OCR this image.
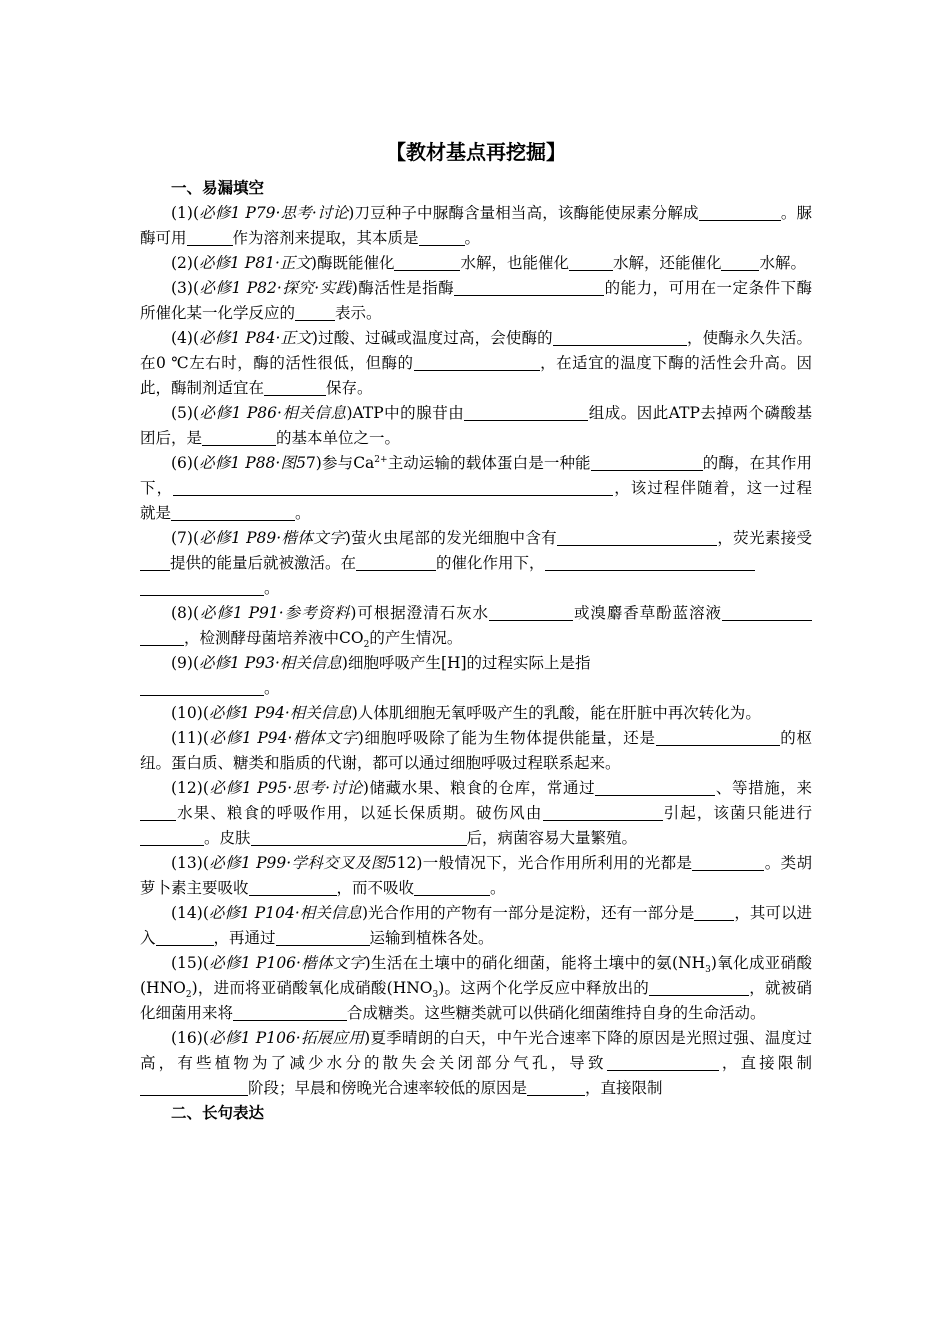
【教材基点再挖掘】
一、易漏填空

(1)(必修1 P79·思考·讨论)刀豆种子中脲酶含量相当高，该酶能使尿素分解成	。脲酶可用	作为溶剂来提取，其本质是	。

(2)(必修1 P81·正文)酶既能催化	水解，也能催化	水解，还能催化 水解。

(3)(必修1 P82·探究·实践)酶活性是指酶	的能力，可用在一定条件下酶所催化某一化学反应的	表示。

(4)(必修1 P84·正文)过酸、过碱或温度过高，会使酶的	，使酶永久失活。在0 ℃左右时，酶的活性很低，但酶的	，在适宜的温度下酶的活性会升高。因此，酶制剂适宜在	保存。

(5)(必修1 P86·相关信息)ATP中的腺苷由	组成。因此ATP去掉两个磷酸基团后，是	的基本单位之一。

(6)(必修1 P88·图57)参与$Ca^{2+}$主动运输的载体蛋白是一种能	的酶，在其作用下，	，该过程伴随着，这一过程就是	。

(7)(必修1 P89·楷体文字)萤火虫尾部的发光细胞中含有	，荧光素接受提供的能量后就被激活。在	的催化作用下，
。

(8)(必修1 P91·参考资料)可根据澄清石灰水	或溴麝香草酚蓝溶液，检测酵母菌培养液中$CO_2$的产生情况。

(9)(必修1 P93·相关信息)细胞呼吸产生[H]的过程实际上是指
。

(10)(必修1 P94·相关信息)人体肌细胞无氧呼吸产生的乳酸，能在肝脏中再次转化为。

(11)(必修1 P94·楷体文字)细胞呼吸除了能为生物体提供能量，还是	的枢纽。蛋白质、糖类和脂质的代谢，都可以通过细胞呼吸过程联系起来。

(12)(必修1 P95·思考·讨论)储藏水果、粮食的仓库，常通过	、等措施，来水果、粮食的呼吸作用，以延长保质期。破伤风由	引起，该菌只能进行。皮肤	后，病菌容易大量繁殖。

(13)(必修1 P99·学科交叉及图512)一般情况下，光合作用所利用的光都是	。类胡萝卜素主要吸收	，而不吸收	。

(14)(必修1 P104·相关信息)光合作用的产物有一部分是淀粉，还有一部分是	，其可以进入	，再通过	运输到植株各处。

(15)(必修1 P106·楷体文字)生活在土壤中的硝化细菌，能将土壤中的氨$(NH_3)$氧化成亚硝酸$(HNO_2)$，进而将亚硝酸氧化成硝酸$(HNO_3)$。这两个化学反应中释放出的	，就被硝化细菌用来将	合成糖类。这些糖类就可以供硝化细菌维持自身的生命活动。

(16)(必修1 P106·拓展应用)夏季晴朗的白天，中午光合速率下降的原因是光照过强、温度过高，有些植物为了减少水分的散失会关闭部分气孔，导致	，直接限制阶段；早晨和傍晚光合速率较低的原因是	，直接限制

二、长句表达
